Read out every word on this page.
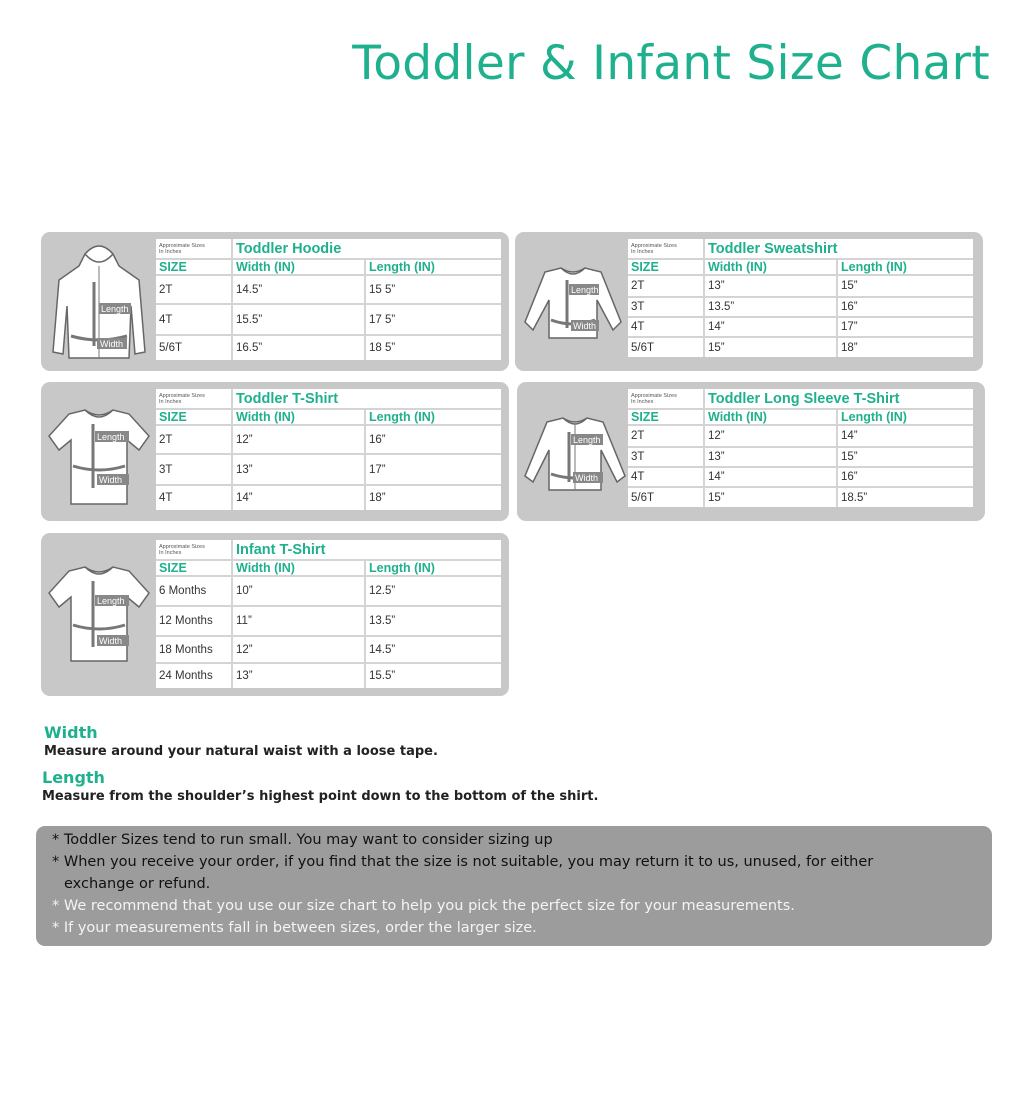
Toddler & Infant Size Chart
Length
Width
Approximate Sizes
In Inches	Toddler Hoodie	
SIZE	Width (IN)	Length (IN)
2T	14.5”	15 5”
4T	15.5”	17 5”
5/6T	16.5”	18 5”
Length
Width
Approximate Sizes
In Inches	Toddler Sweatshirt	
SIZE	Width (IN)	Length (IN)
2T	13”	15”
3T	13.5”	16”
4T	14”	17”
5/6T	15”	18”
Length
Width
Approximate Sizes
In Inches	Toddler T-Shirt	
SIZE	Width (IN)	Length (IN)
2T	12”	16”
3T	13”	17”
4T	14”	18”
Length
Width
Approximate Sizes
In Inches	Toddler Long Sleeve T-Shirt	
SIZE	Width (IN)	Length (IN)
2T	12”	14”
3T	13”	15”
4T	14”	16”
5/6T	15”	18.5”
Length
Width
Approximate Sizes
In Inches	Infant T-Shirt	
SIZE	Width (IN)	Length (IN)
6 Months	10”	12.5”
12 Months	11”	13.5”
18 Months	12”	14.5”
24 Months	13”	15.5”
Width
Measure around your natural waist with a loose tape.
Length
Measure from the shoulder’s highest point down to the bottom of the shirt.
* Toddler Sizes tend to run small. You may want to consider sizing up
* When you receive your order, if you find that the size is not suitable, you may return it to us, unused, for either
exchange or refund.
* We recommend that you use our size chart to help you pick the perfect size for your measurements.
* If your measurements fall in between sizes, order the larger size.
